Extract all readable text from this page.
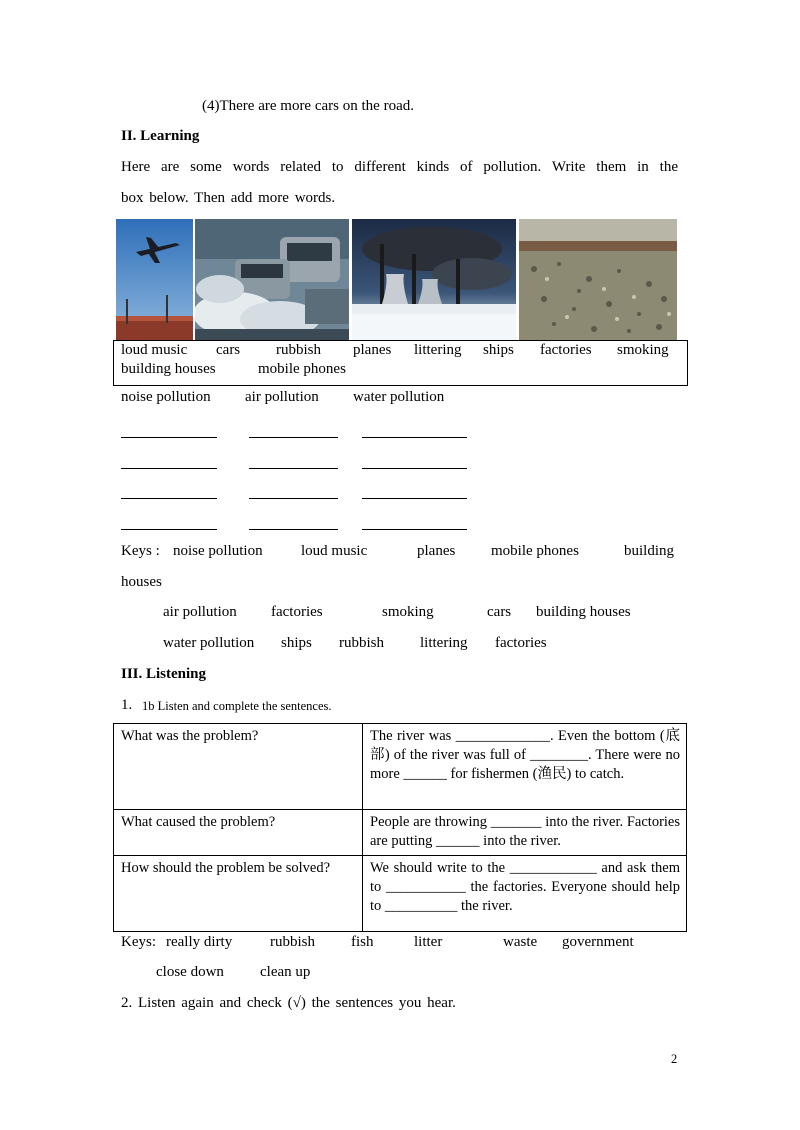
(4)There are more cars on the road.
II. Learning
Here are some words related to different kinds of pollution. Write them in the
box below. Then add more words.
loud music cars rubbish planes littering ships factories smoking
building houses	mobile phones
noise pollution air pollution water pollution
Keys : noise pollution	loud music	planes mobile phones	building
houses
air pollution factories	smoking	cars building houses
water pollution ships rubbish littering factories
III. Listening
1. 1b Listen and complete the sentences.
What was the problem?	The river was _____________. Even the bottom (底部) of the river was full of ________. There were no more ______ for fishermen (渔民) to catch.
What caused the problem?	People are throwing _______ into the river. Factories are putting ______ into the river.
How should the problem be solved?	We should write to the ____________ and ask them to ___________ the factories. Everyone should help to __________ the river.
Keys: really dirty	rubbish fish	litter	waste government
close down clean up
2. Listen again and check (√) the sentences you hear.
2
